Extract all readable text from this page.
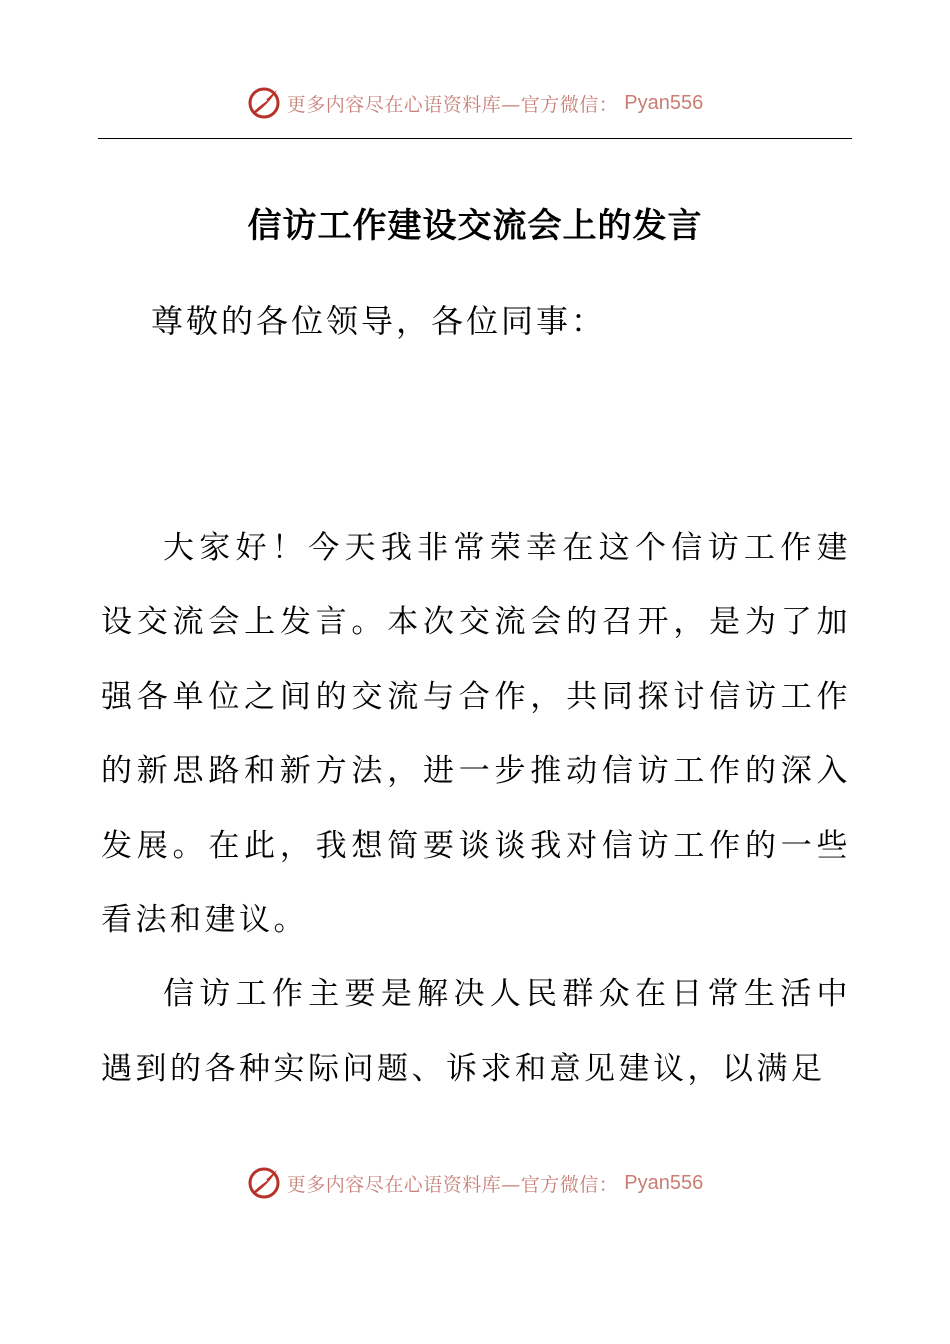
更多内容尽在心语资料库—官方微信： Pyan556
信访工作建设交流会上的发言
尊敬的各位领导，各位同事：

大家好！今天我非常荣幸在这个信访工作建设交流会上发言。本次交流会的召开，是为了加强各单位之间的交流与合作，共同探讨信访工作的新思路和新方法，进一步推动信访工作的深入发展。在此，我想简要谈谈我对信访工作的一些看法和建议。

信访工作主要是解决人民群众在日常生活中遇到的各种实际问题、诉求和意见建议，以满足

更多内容尽在心语资料库—官方微信： Pyan556
